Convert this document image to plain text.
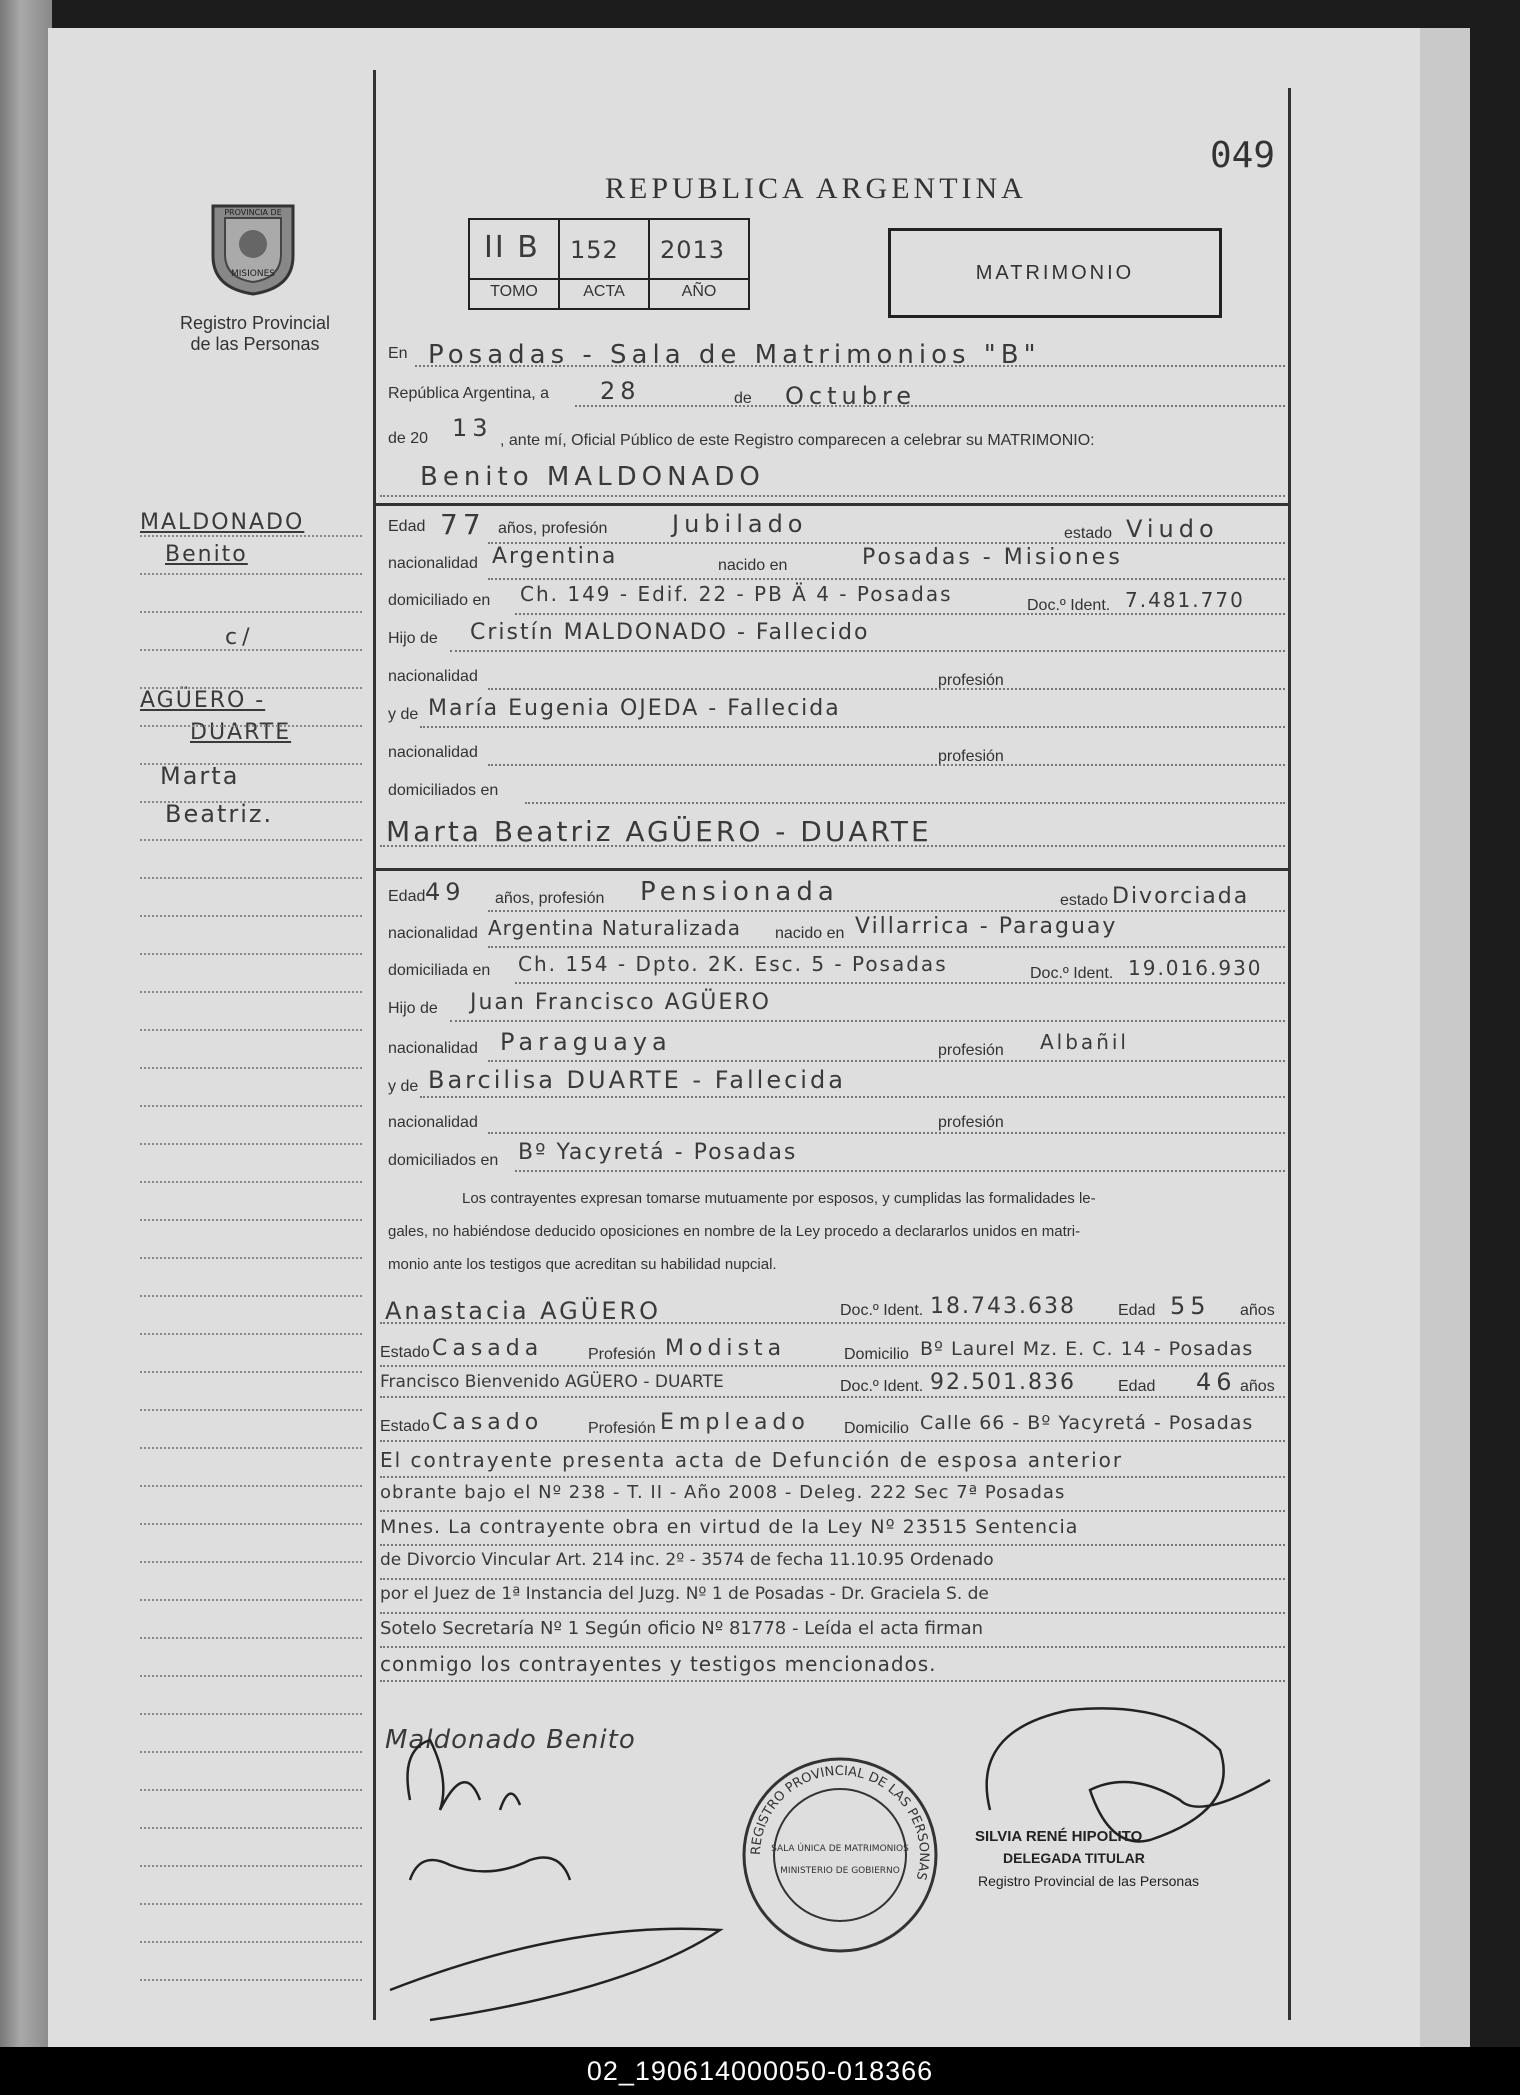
049
REPUBLICA ARGENTINA
PROVINCIA DE
MISIONES
Registro Provincial
de las Personas
II B 152 2013
TOMO	ACTA	AÑO
MATRIMONIO
MALDONADO
Benito
c/
AGÜERO -
DUARTE
Marta
Beatriz.
En Posadas - Sala de Matrimonios "B"
República Argentina, a 28	de Octubre
de 20 13 , ante mí, Oficial Público de este Registro comparecen a celebrar su MATRIMONIO:
Benito MALDONADO
Edad 77 años, profesión	Jubilado	estado Viudo
nacionalidad Argentina	nacido en	Posadas - Misiones
domiciliado en Ch. 149 - Edif. 22 - PB Ä 4 - Posadas	Doc.º Ident. 7.481.770
Hijo de Cristín MALDONADO - Fallecido
nacionalidad	profesión
y de María Eugenia OJEDA - Fallecida
nacionalidad	profesión
domiciliados en
Marta Beatriz AGÜERO - DUARTE
Edad 49 años, profesión Pensionada	estado Divorciada
nacionalidad Argentina Naturalizada nacido en Villarrica - Paraguay
domiciliada en Ch. 154 - Dpto. 2K. Esc. 5 - Posadas	Doc.º Ident. 19.016.930
Hijo de Juan Francisco AGÜERO
nacionalidad Paraguaya	profesión Albañil
y de Barcilisa DUARTE - Fallecida
nacionalidad	profesión
domiciliados en Bº Yacyretá - Posadas
Los contrayentes expresan tomarse mutuamente por esposos, y cumplidas las formalidades le-
gales, no habiéndose deducido oposiciones en nombre de la Ley procedo a declararlos unidos en matri-
monio ante los testigos que acreditan su habilidad nupcial.
Anastacia AGÜERO	Doc.º Ident. 18.743.638	Edad 55 años
Estado Casada	Profesión Modista	Domicilio Bº Laurel Mz. E. C. 14 - Posadas
Francisco Bienvenido AGÜERO - DUARTE	Doc.º Ident. 92.501.836	Edad 46 años
Estado Casado	Profesión Empleado Domicilio Calle 66 - Bº Yacyretá - Posadas
El contrayente presenta acta de Defunción de esposa anterior
obrante bajo el Nº 238 - T. II - Año 2008 - Deleg. 222 Sec 7ª Posadas
Mnes. La contrayente obra en virtud de la Ley Nº 23515 Sentencia
de Divorcio Vincular Art. 214 inc. 2º - 3574 de fecha 11.10.95 Ordenado
por el Juez de 1ª Instancia del Juzg. Nº 1 de Posadas - Dr. Graciela S. de
Sotelo Secretaría Nº 1 Según oficio Nº 81778 - Leída el acta firman
conmigo los contrayentes y testigos mencionados.
Maldonado Benito
REGISTRO PROVINCIAL DE LAS PERSONAS
SALA ÚNICA DE MATRIMONIOS
MINISTERIO DE GOBIERNO
SILVIA RENÉ HIPOLITO
DELEGADA TITULAR
Registro Provincial de las Personas
02_190614000050-018366
